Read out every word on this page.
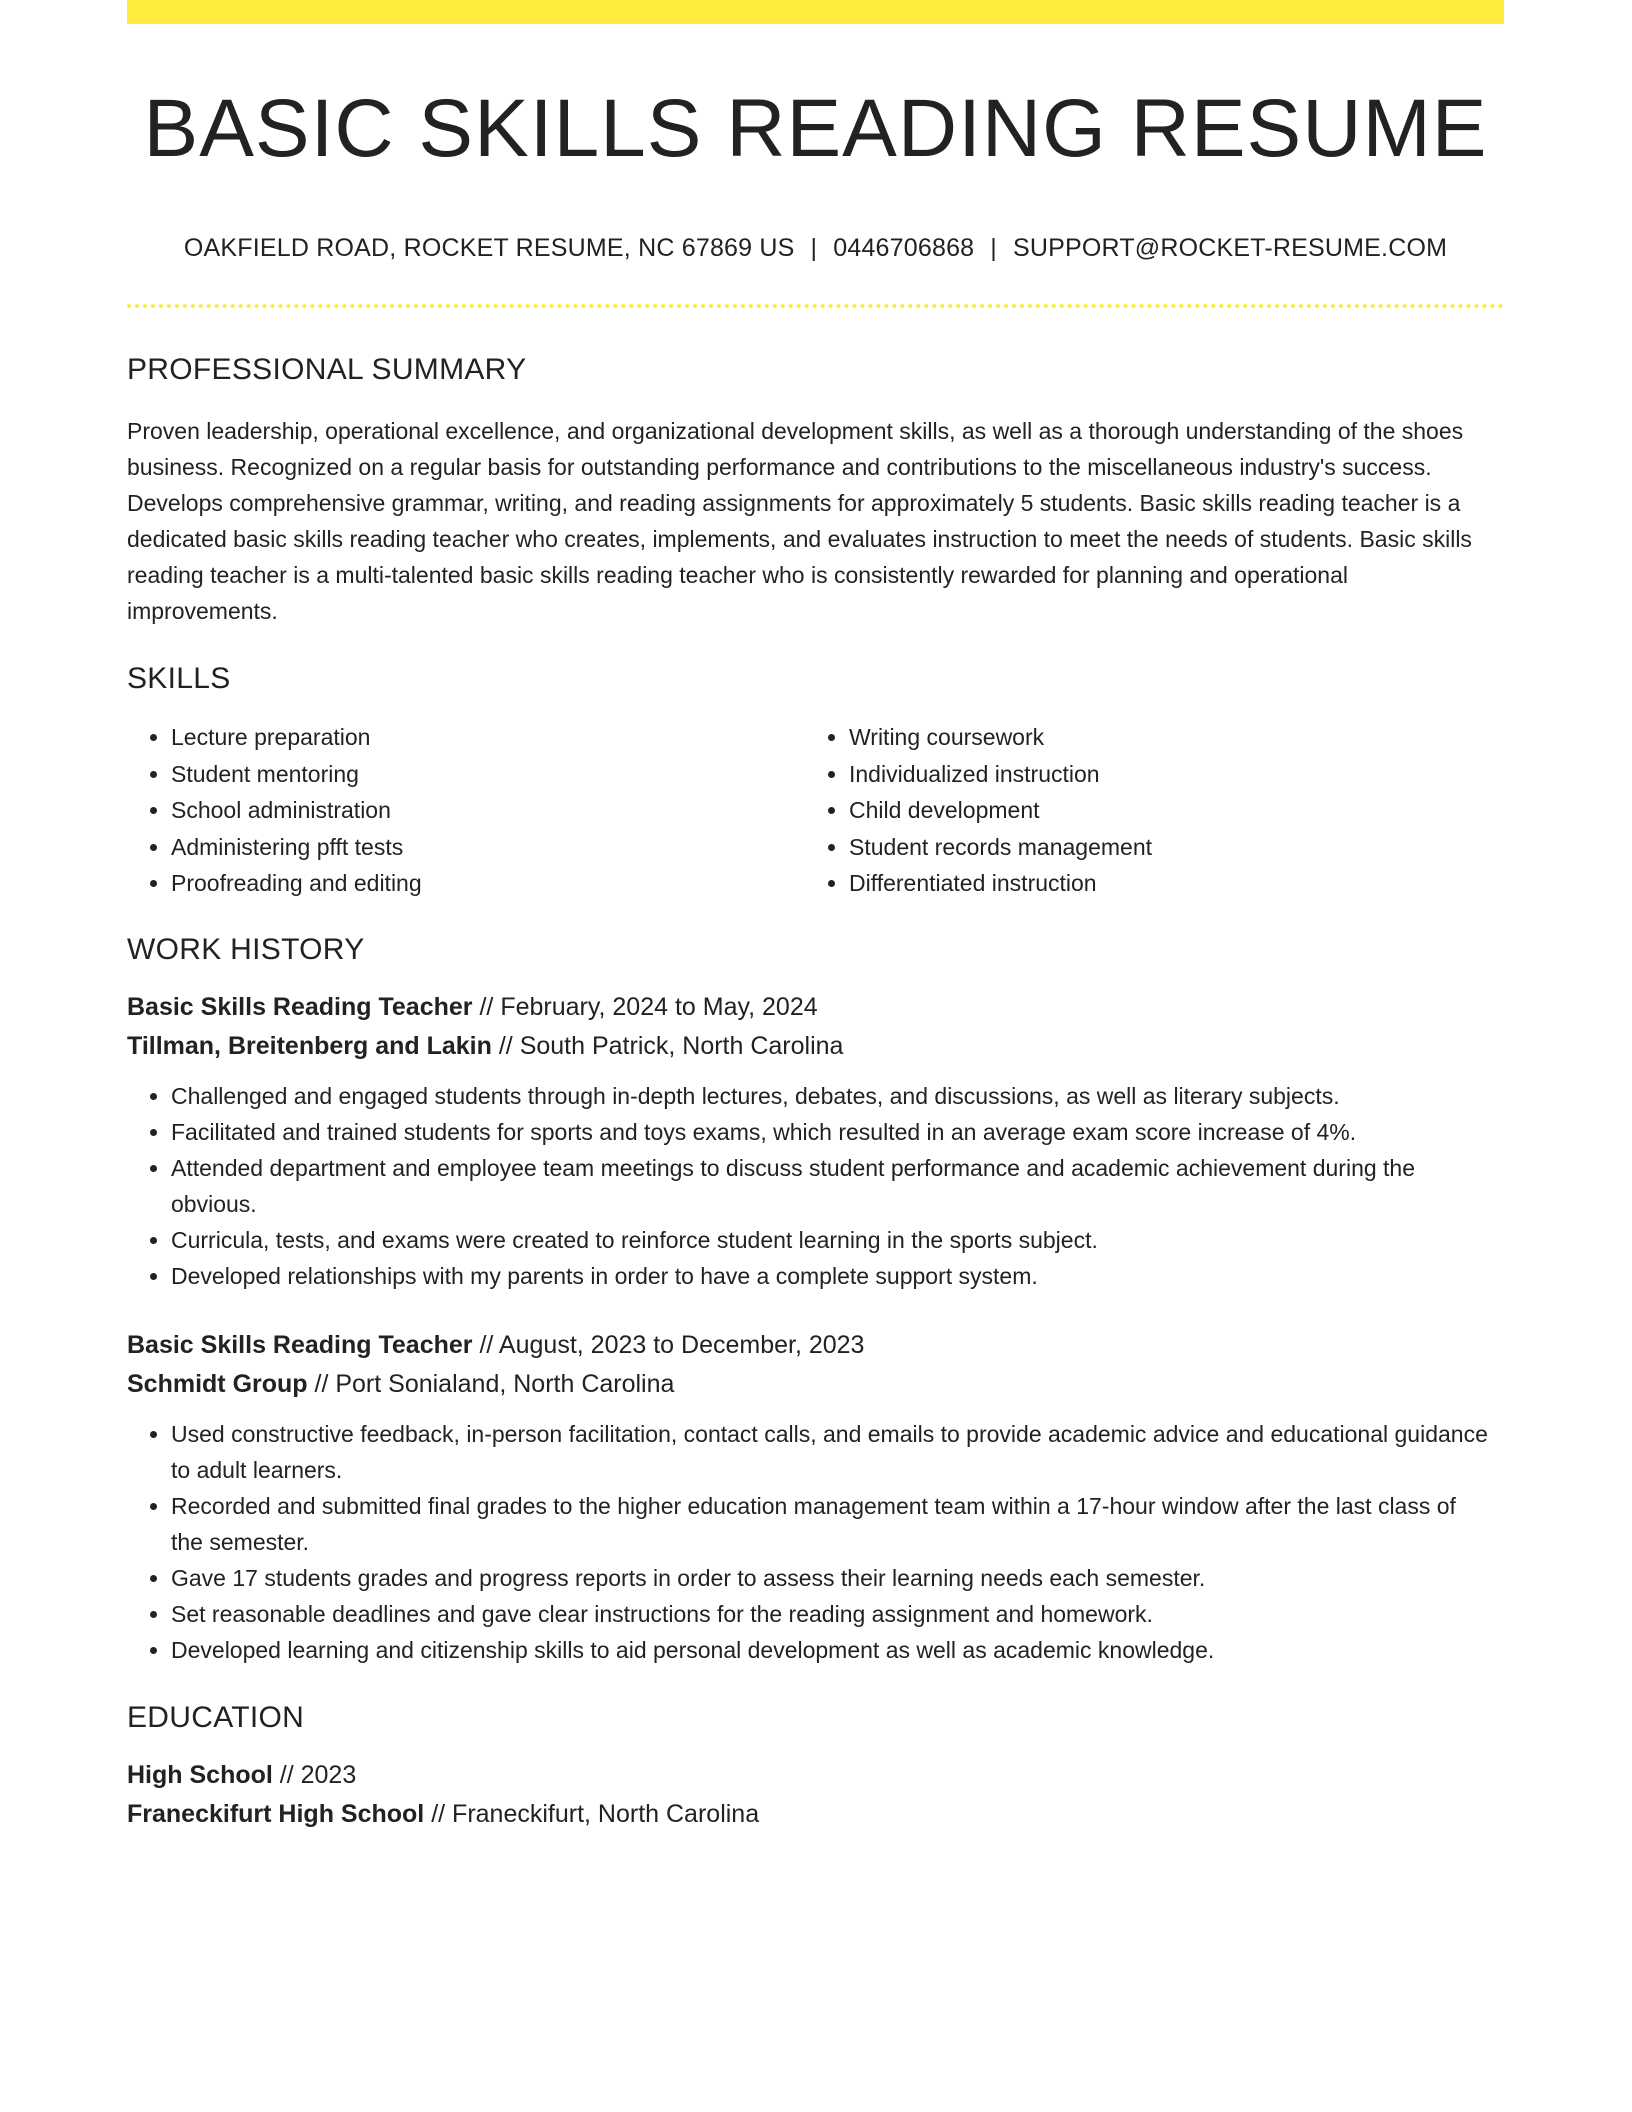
BASIC SKILLS READING RESUME
OAKFIELD ROAD, ROCKET RESUME, NC 67869 US | 0446706868 | SUPPORT@ROCKET-RESUME.COM
PROFESSIONAL SUMMARY
Proven leadership, operational excellence, and organizational development skills, as well as a thorough understanding of the shoes business. Recognized on a regular basis for outstanding performance and contributions to the miscellaneous industry's success. Develops comprehensive grammar, writing, and reading assignments for approximately 5 students. Basic skills reading teacher is a dedicated basic skills reading teacher who creates, implements, and evaluates instruction to meet the needs of students. Basic skills reading teacher is a multi-talented basic skills reading teacher who is consistently rewarded for planning and operational improvements.
SKILLS
• Lecture preparation
• Student mentoring
• School administration
• Administering pfft tests
• Proofreading and editing
• Writing coursework
• Individualized instruction
• Child development
• Student records management
• Differentiated instruction
WORK HISTORY
Basic Skills Reading Teacher // February, 2024 to May, 2024
Tillman, Breitenberg and Lakin // South Patrick, North Carolina
• Challenged and engaged students through in-depth lectures, debates, and discussions, as well as literary subjects.
• Facilitated and trained students for sports and toys exams, which resulted in an average exam score increase of 4%.
• Attended department and employee team meetings to discuss student performance and academic achievement during the obvious.
• Curricula, tests, and exams were created to reinforce student learning in the sports subject.
• Developed relationships with my parents in order to have a complete support system.
Basic Skills Reading Teacher // August, 2023 to December, 2023
Schmidt Group // Port Sonialand, North Carolina
• Used constructive feedback, in-person facilitation, contact calls, and emails to provide academic advice and educational guidance to adult learners.
• Recorded and submitted final grades to the higher education management team within a 17-hour window after the last class of the semester.
• Gave 17 students grades and progress reports in order to assess their learning needs each semester.
• Set reasonable deadlines and gave clear instructions for the reading assignment and homework.
• Developed learning and citizenship skills to aid personal development as well as academic knowledge.
EDUCATION
High School // 2023
Franeckifurt High School // Franeckifurt, North Carolina
